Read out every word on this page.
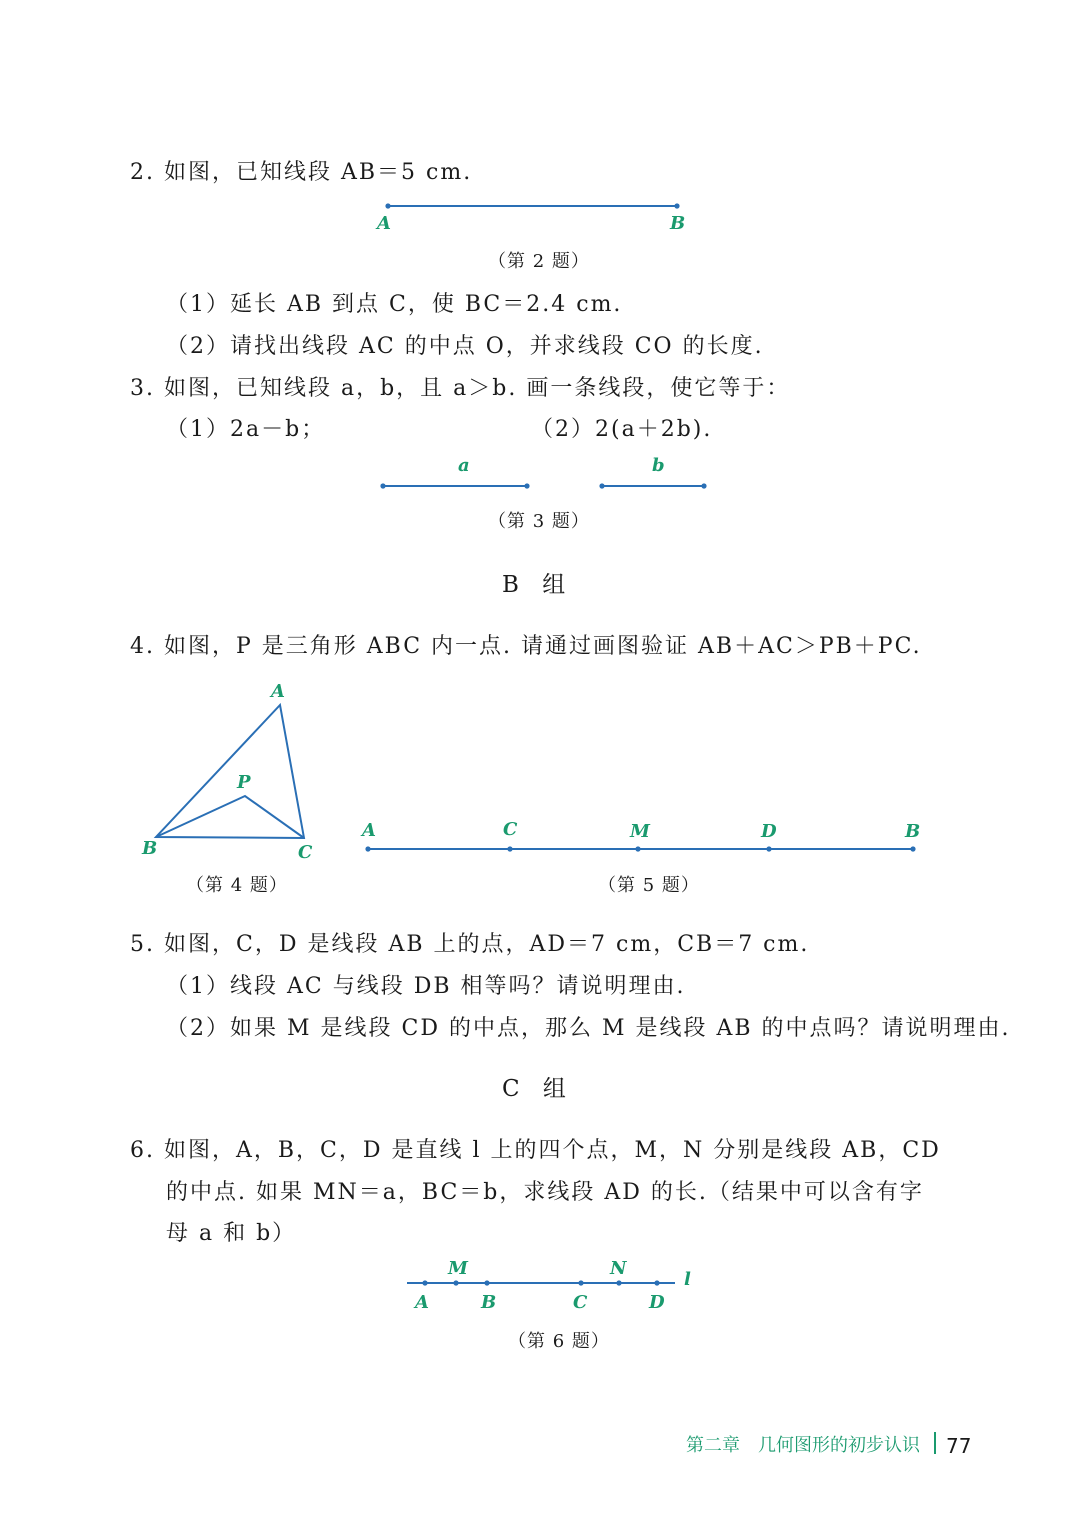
2. 如图，已知线段 AB＝5 cm.
A	B
a	b
A
P
B	C
A	C	M	D	B
M	N
l
A	B	C	D
（第 2 题）
（1）延长 AB 到点 C，使 BC＝2.4 cm.
（2）请找出线段 AC 的中点 O，并求线段 CO 的长度.
3. 如图，已知线段 a，b，且 a＞b. 画一条线段，使它等于：
（1）2a－b；	（2）2(a＋2b).
（第 3 题）
B 组
4. 如图，P 是三角形 ABC 内一点. 请通过画图验证 AB＋AC＞PB＋PC.
（第 4 题）	（第 5 题）
5. 如图，C，D 是线段 AB 上的点，AD＝7 cm，CB＝7 cm.
（1）线段 AC 与线段 DB 相等吗？请说明理由.
（2）如果 M 是线段 CD 的中点，那么 M 是线段 AB 的中点吗？请说明理由.
C 组
6. 如图，A，B，C，D 是直线 l 上的四个点，M，N 分别是线段 AB，CD
的中点. 如果 MN＝a，BC＝b，求线段 AD 的长.（结果中可以含有字
母 a 和 b）
（第 6 题）
第二章　几何图形的初步认识 77
